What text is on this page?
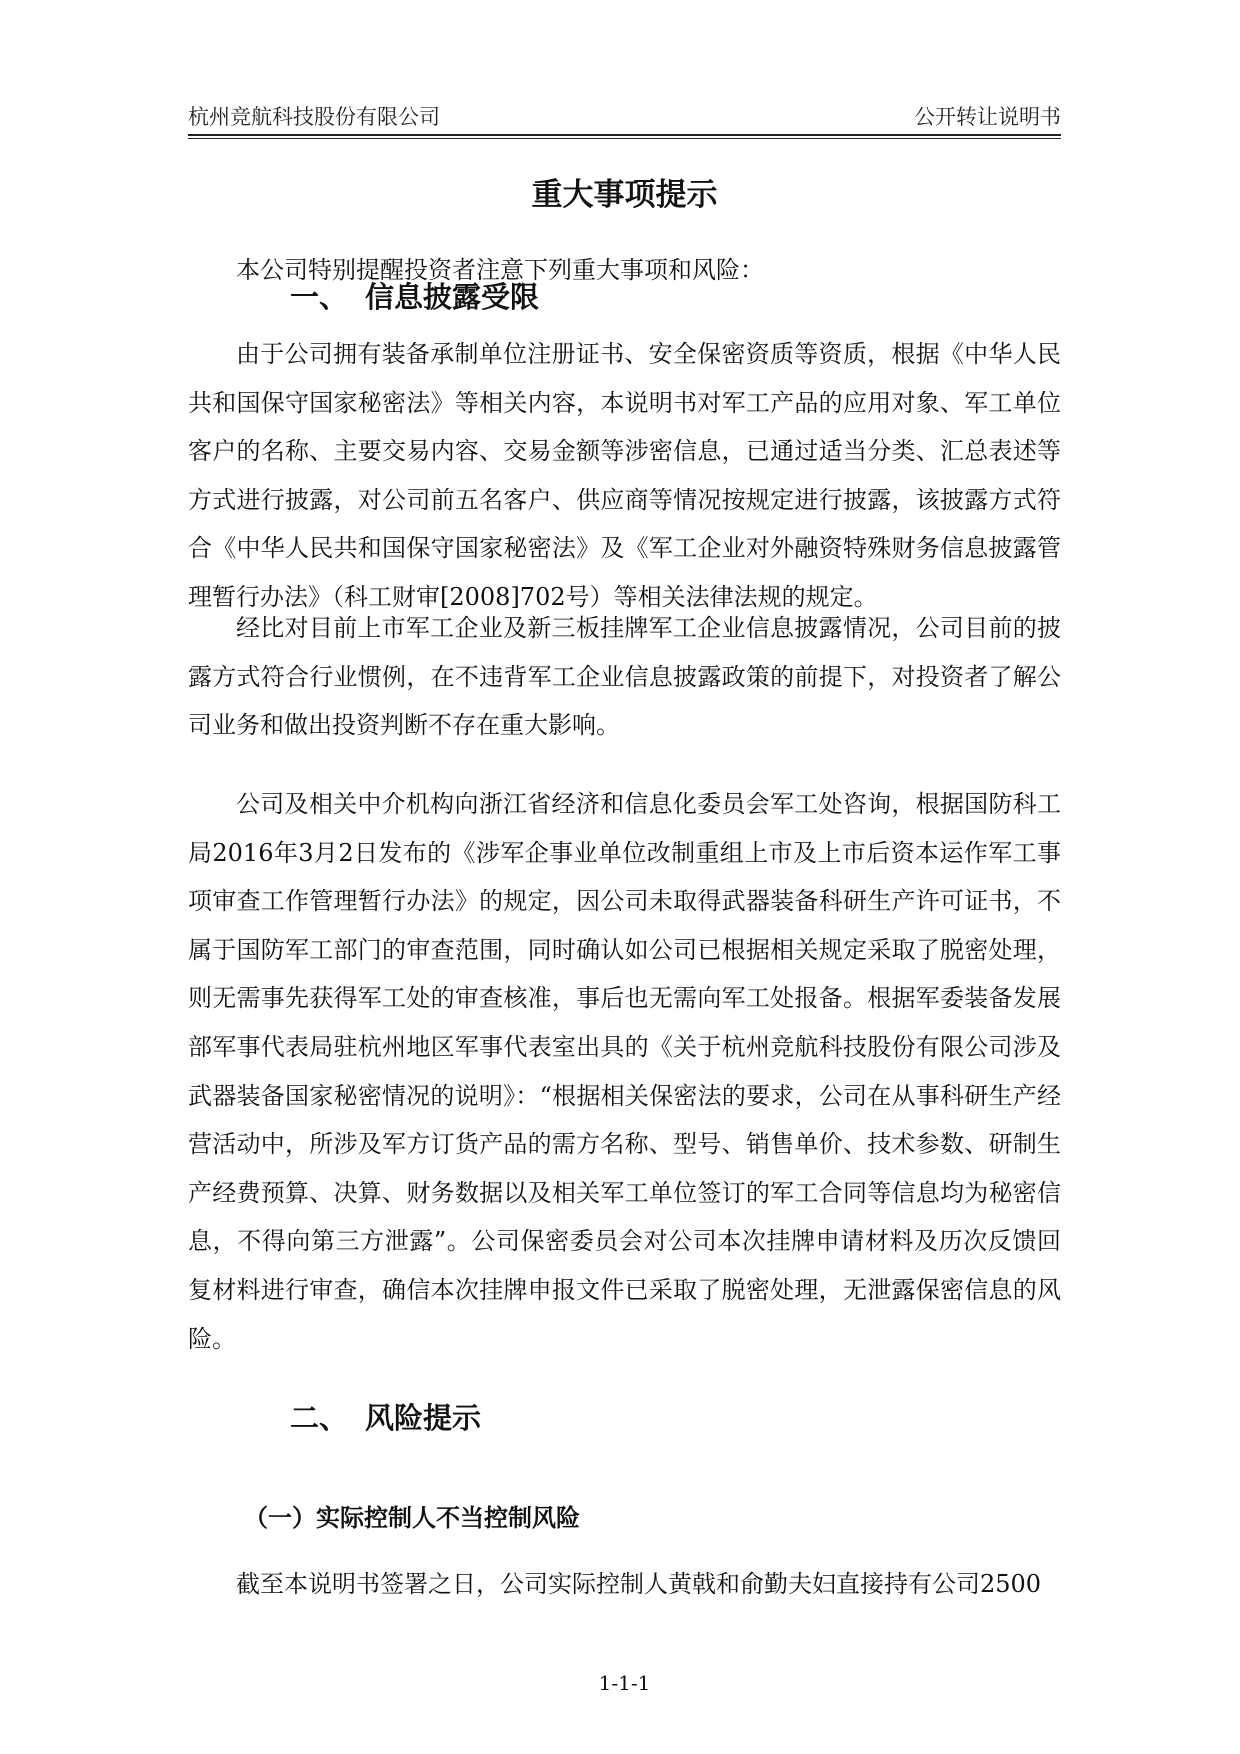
杭州竞航科技股份有限公司	公开转让说明书
重大事项提示
本公司特别提醒投资者注意下列重大事项和风险：
一、 信息披露受限
由于公司拥有装备承制单位注册证书、安全保密资质等资质，根据《中华人民共和国保守国家秘密法》等相关内容，本说明书对军工产品的应用对象、军工单位客户的名称、主要交易内容、交易金额等涉密信息，已通过适当分类、汇总表述等方式进行披露，对公司前五名客户、供应商等情况按规定进行披露，该披露方式符合《中华人民共和国保守国家秘密法》及《军工企业对外融资特殊财务信息披露管理暂行办法》（科工财审[2008]702号）等相关法律法规的规定。
经比对目前上市军工企业及新三板挂牌军工企业信息披露情况，公司目前的披露方式符合行业惯例，在不违背军工企业信息披露政策的前提下，对投资者了解公司业务和做出投资判断不存在重大影响。
公司及相关中介机构向浙江省经济和信息化委员会军工处咨询，根据国防科工局2016年3月2日发布的《涉军企事业单位改制重组上市及上市后资本运作军工事项审查工作管理暂行办法》的规定，因公司未取得武器装备科研生产许可证书，不属于国防军工部门的审查范围，同时确认如公司已根据相关规定采取了脱密处理，则无需事先获得军工处的审查核准，事后也无需向军工处报备。根据军委装备发展部军事代表局驻杭州地区军事代表室出具的《关于杭州竞航科技股份有限公司涉及武器装备国家秘密情况的说明》：“根据相关保密法的要求，公司在从事科研生产经营活动中，所涉及军方订货产品的需方名称、型号、销售单价、技术参数、研制生产经费预算、决算、财务数据以及相关军工单位签订的军工合同等信息均为秘密信息，不得向第三方泄露”。公司保密委员会对公司本次挂牌申请材料及历次反馈回复材料进行审查，确信本次挂牌申报文件已采取了脱密处理，无泄露保密信息的风险。
二、 风险提示
（一）实际控制人不当控制风险
截至本说明书签署之日，公司实际控制人黄戟和俞勤夫妇直接持有公司2500
1-1-1
